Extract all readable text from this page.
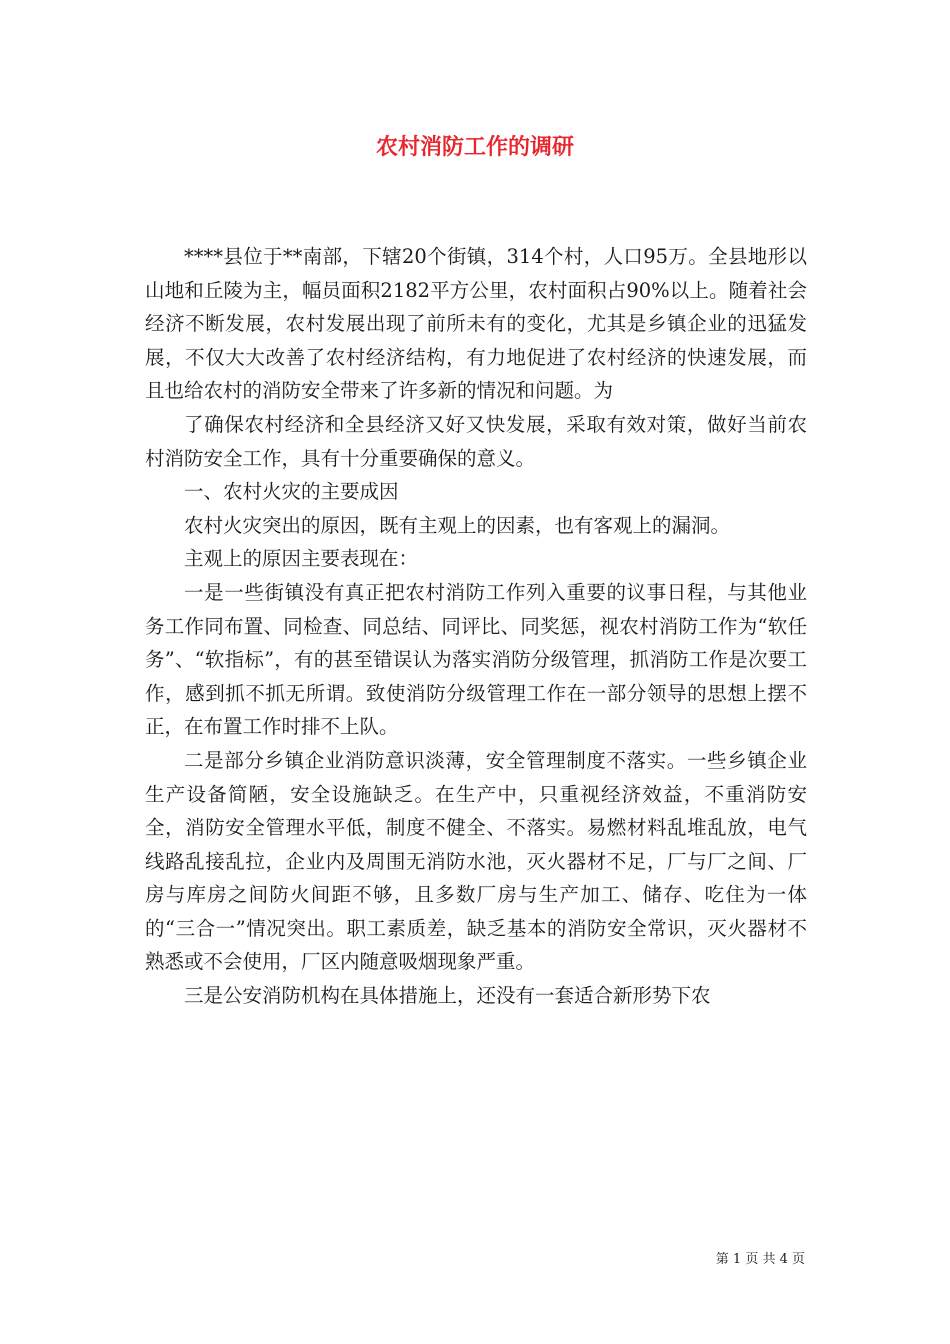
农村消防工作的调研

****县位于**南部，下辖20个街镇，314个村，人口95万。全县地形以山地和丘陵为主，幅员面积2182平方公里，农村面积占90%以上。随着社会经济不断发展，农村发展出现了前所未有的变化，尤其是乡镇企业的迅猛发展，不仅大大改善了农村经济结构，有力地促进了农村经济的快速发展，而且也给农村的消防安全带来了许多新的情况和问题。为

了确保农村经济和全县经济又好又快发展，采取有效对策，做好当前农村消防安全工作，具有十分重要确保的意义。

一、农村火灾的主要成因

农村火灾突出的原因，既有主观上的因素，也有客观上的漏洞。

主观上的原因主要表现在：

一是一些街镇没有真正把农村消防工作列入重要的议事日程，与其他业务工作同布置、同检查、同总结、同评比、同奖惩，视农村消防工作为“软任务”、“软指标”，有的甚至错误认为落实消防分级管理，抓消防工作是次要工作，感到抓不抓无所谓。致使消防分级管理工作在一部分领导的思想上摆不正，在布置工作时排不上队。

二是部分乡镇企业消防意识淡薄，安全管理制度不落实。一些乡镇企业生产设备简陋，安全设施缺乏。在生产中，只重视经济效益，不重消防安全，消防安全管理水平低，制度不健全、不落实。易燃材料乱堆乱放，电气线路乱接乱拉，企业内及周围无消防水池，灭火器材不足，厂与厂之间、厂房与库房之间防火间距不够，且多数厂房与生产加工、储存、吃住为一体的“三合一”情况突出。职工素质差，缺乏基本的消防安全常识，灭火器材不熟悉或不会使用，厂区内随意吸烟现象严重。

三是公安消防机构在具体措施上，还没有一套适合新形势下农

第 1 页 共 4 页
